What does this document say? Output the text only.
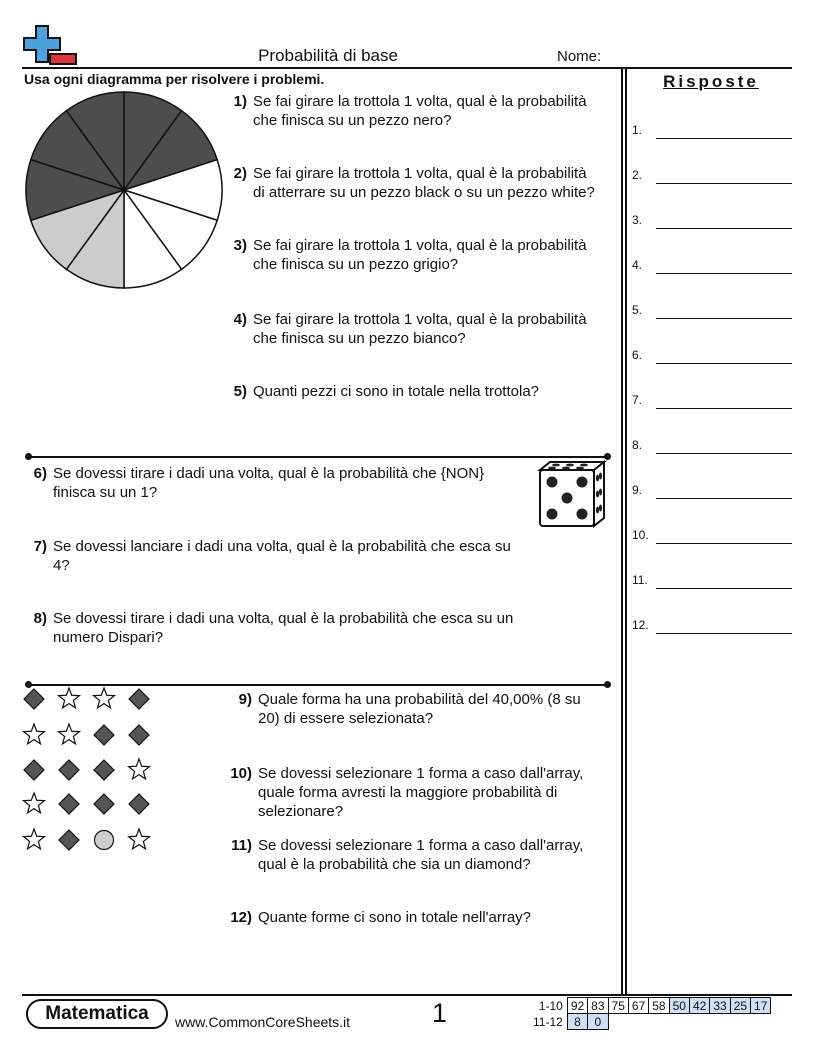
Probabilità di base	Nome:
Usa ogni diagramma per risolvere i problemi.	Risposte
1.
2.
3.
4.
5.
6.
7.
8.
9.
10.
11.
12.
1) Se fai girare la trottola 1 volta, qual è la probabilità
che finisca su un pezzo nero?
2) Se fai girare la trottola 1 volta, qual è la probabilità
di atterrare su un pezzo black o su un pezzo white?
3) Se fai girare la trottola 1 volta, qual è la probabilità
che finisca su un pezzo grigio?
4) Se fai girare la trottola 1 volta, qual è la probabilità
che finisca su un pezzo bianco?
5) Quanti pezzi ci sono in totale nella trottola?
6) Se dovessi tirare i dadi una volta, qual è la probabilità che {NON}
finisca su un 1?
7) Se dovessi lanciare i dadi una volta, qual è la probabilità che esca su
4?
8) Se dovessi tirare i dadi una volta, qual è la probabilità che esca su un
numero Dispari?
9) Quale forma ha una probabilità del 40,00% (8 su
20) di essere selezionata?
10) Se dovessi selezionare 1 forma a caso dall'array,
quale forma avresti la maggiore probabilità di
selezionare?
11) Se dovessi selezionare 1 forma a caso dall'array,
qual è la probabilità che sia un diamond?
12) Quante forme ci sono in totale nell'array?
Matematica	www.CommonCoreSheets.it	1	1-10	92	83	75	67	58	50	42	33	25	17
11-12	8	0								
